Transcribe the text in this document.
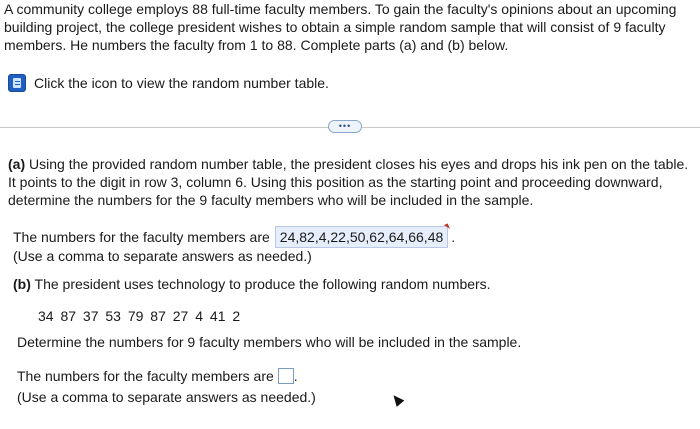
A community college employs 88 full-time faculty members. To gain the faculty's opinions about an upcoming building project, the college president wishes to obtain a simple random sample that will consist of 9 faculty members. He numbers the faculty from 1 to 88. Complete parts (a) and (b) below.
Click the icon to view the random number table.
•••
(a) Using the provided random number table, the president closes his eyes and drops his ink pen on the table. It points to the digit in row 3, column 6. Using this position as the starting point and proceeding downward, determine the numbers for the 9 faculty members who will be included in the sample.
The numbers for the faculty members are 24,82,4,22,50,62,64,66,48 .
(Use a comma to separate answers as needed.)
(b) The president uses technology to produce the following random numbers.
34 87 37 53 79 87 27 4 41 2
Determine the numbers for 9 faculty members who will be included in the sample.
The numbers for the faculty members are .
(Use a comma to separate answers as needed.)
